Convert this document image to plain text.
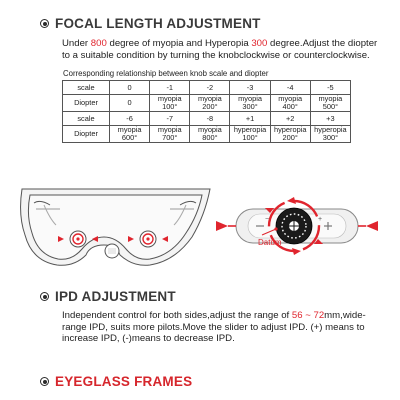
FOCAL LENGTH ADJUSTMENT
Under 800 degree of myopia and Hyperopia 300 degree.Adjust the diopter to a suitable condition by turning the knobclockwise or counterclockwise.
Corresponding relationship between knob scale and diopter
scale	0	-1	-2	-3	-4	-5
Diopter	0	myopia 100°	myopia 200°	myopia 300°	myopia 400°	myopia 500°
scale	-6	-7	-8	+1	+2	+3
Diopter	myopia 600°	myopia 700°	myopia 800°	hyperopia 100°	hyperopia 200°	hyperopia 300°
Datum
−	+
IPD ADJUSTMENT
Independent control for both sides,adjust the range of 56 ~ 72mm,wide-range IPD, suits more pilots.Move the slider to adjust IPD. (+) means to increase IPD, (-)means to decrease IPD.
EYEGLASS FRAMES
